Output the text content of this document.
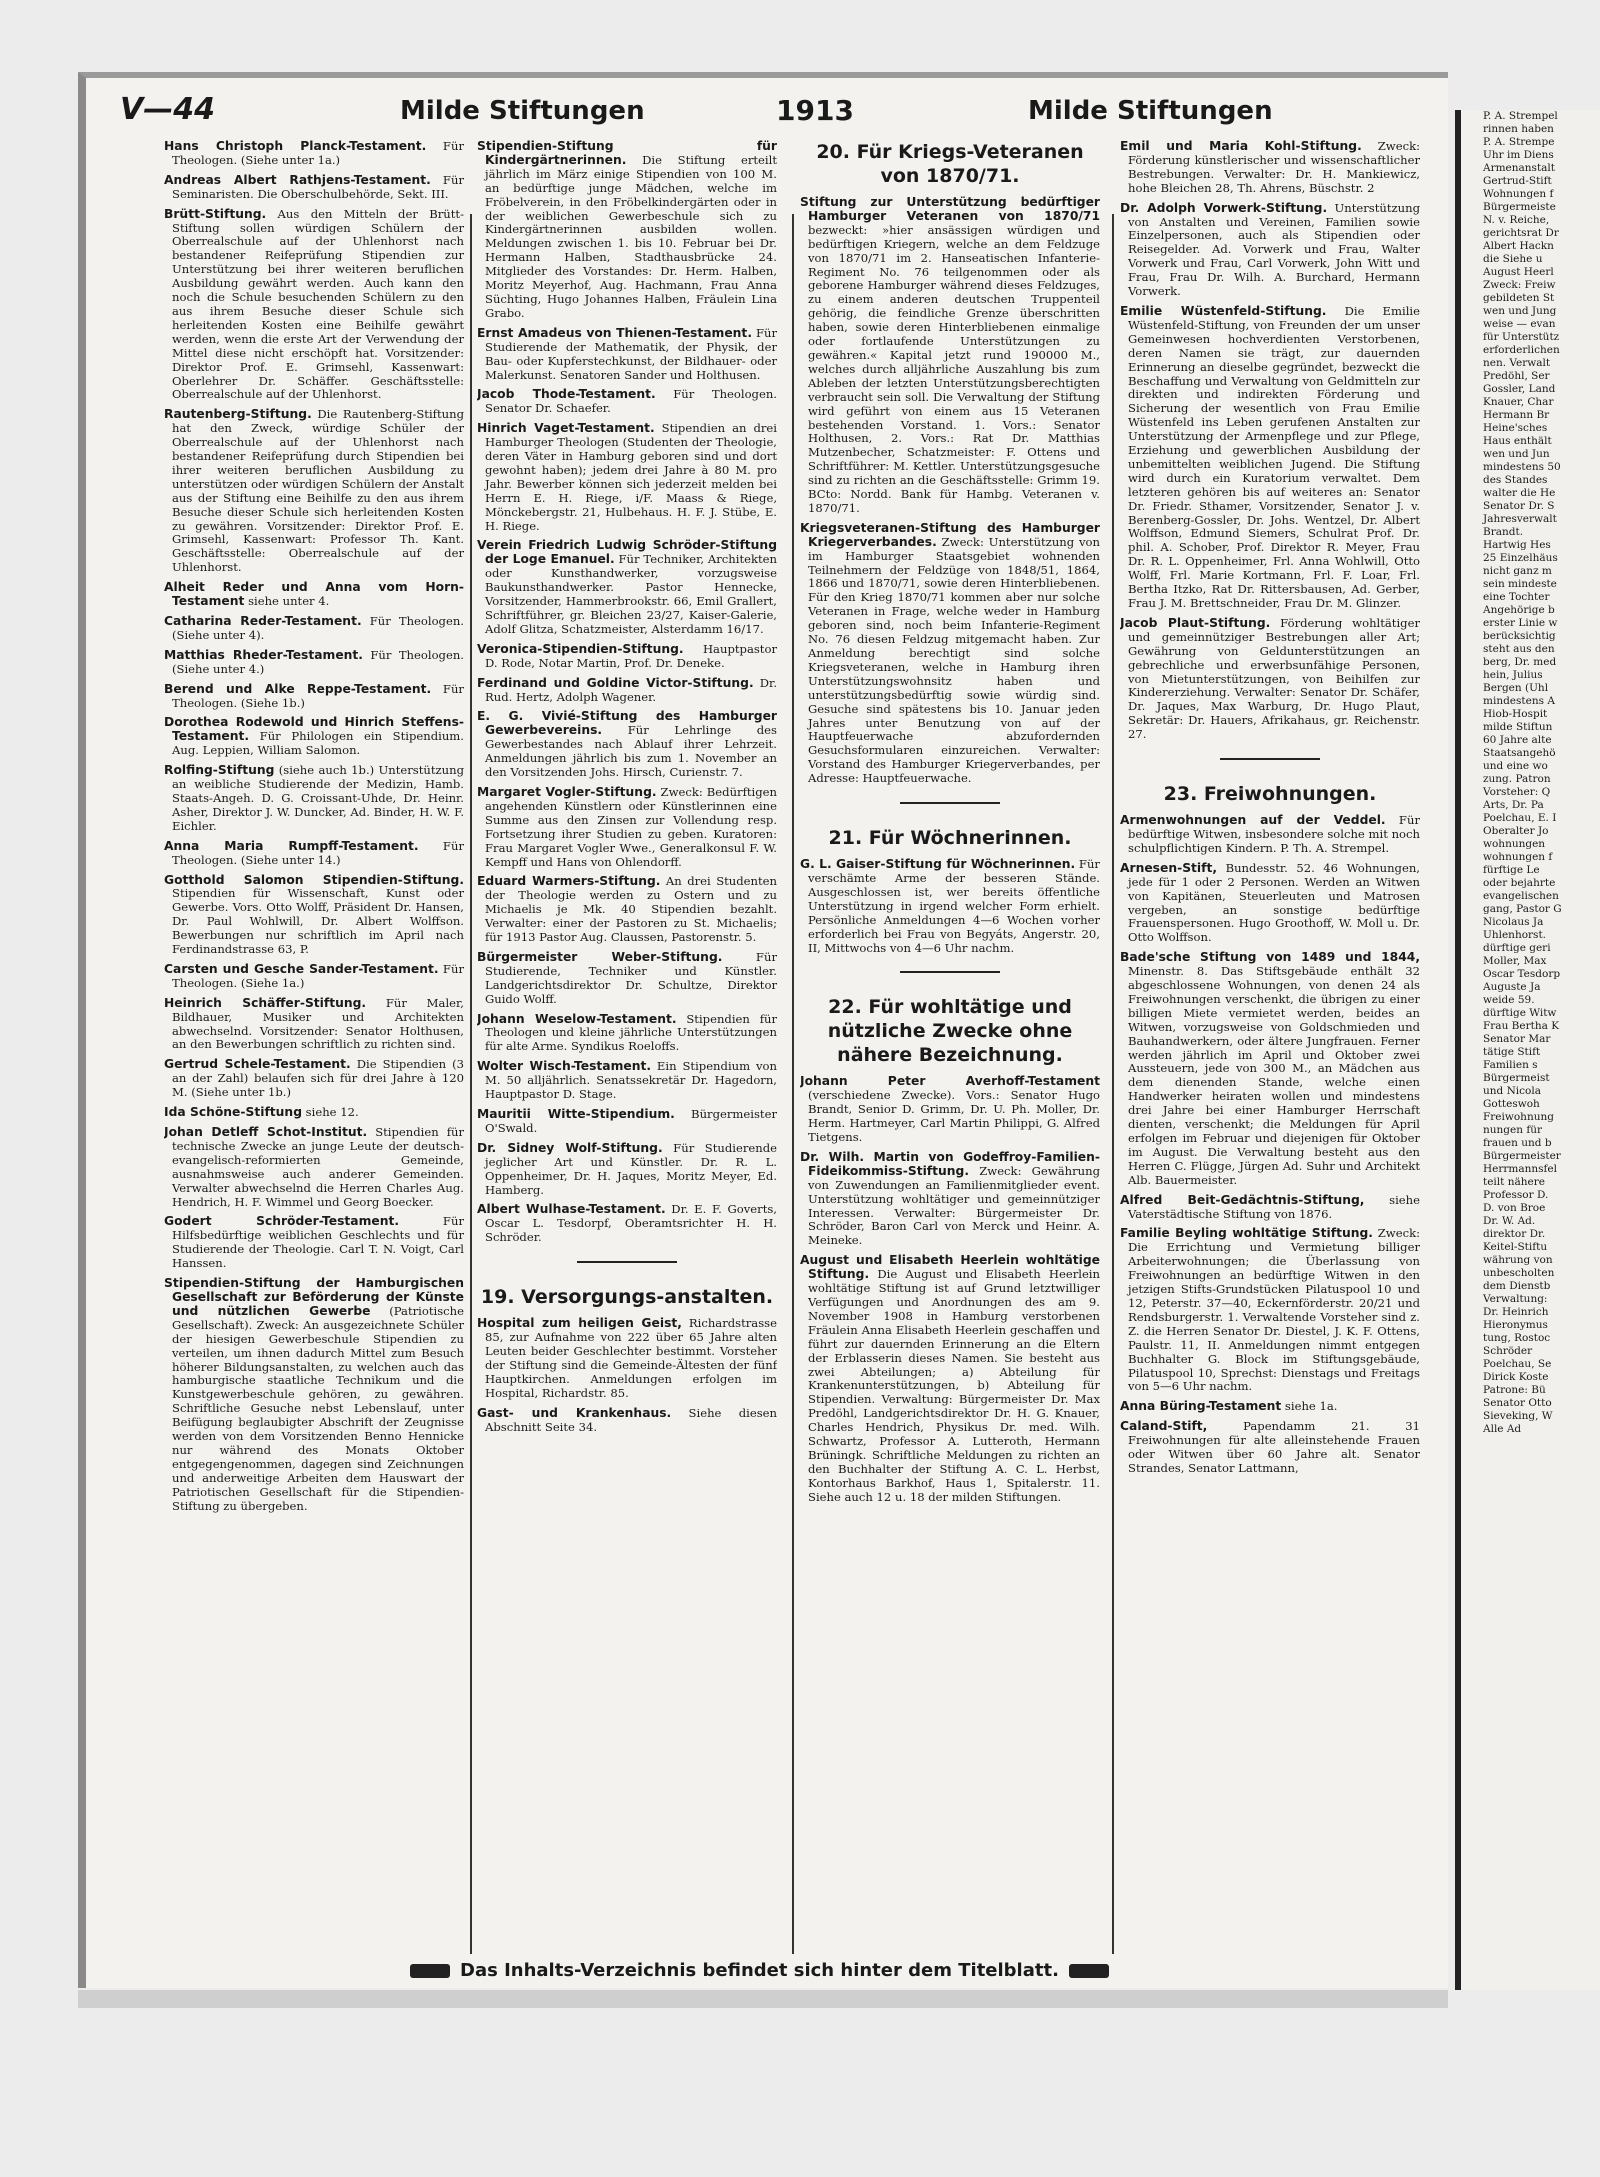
P. A. Strempel
rinnen haben
P. A. Strempe
Uhr im Diens
Armenanstalt
Gertrud-Stift
Wohnungen f
Bürgermeiste
N. v. Reiche,
gerichtsrat Dr
Albert Hackn
die Siehe u
August Heerl
Zweck: Freiw
gebildeten St
wen und Jung
weise — evan
für Unterstütz
erforderlichen
nen. Verwalt
Predöhl, Ser
Gossler, Land
Knauer, Char
Hermann Br
Heine'sches
Haus enthält
wen und Jun
mindestens 50
des Standes
walter die He
Senator Dr. S
Jahresverwalt
Brandt.
Hartwig Hes
25 Einzelhäus
nicht ganz m
sein mindeste
eine Tochter
Angehörige b
erster Linie w
berücksichtig
steht aus den
berg, Dr. med
hein, Julius
Bergen (Uhl
mindestens A
Hiob-Hospit
milde Stiftun
60 Jahre alte
Staatsangehö
und eine wo
zung. Patron
Vorsteher: Q
Arts, Dr. Pa
Poelchau, E. I
Oberalter Jo
wohnungen
wohnungen f
fürftige Le
oder bejahrte
evangelischen
gang, Pastor G
Nicolaus Ja
Uhlenhorst.
dürftige geri
Moller, Max
Oscar Tesdorp
Auguste Ja
weide 59.
dürftige Witw
Frau Bertha K
Senator Mar
tätige Stift
Familien s
Bürgermeist
und Nicola
Gotteswoh
Freiwohnung
nungen für
frauen und b
Bürgermeister
Herrmannsfel
teilt nähere
Professor D.
D. von Broe
Dr. W. Ad.
direktor Dr.
Keitel-Stiftu
währung von
unbescholten
dem Dienstb
Verwaltung:
Dr. Heinrich
Hieronymus
tung, Rostoc
Schröder
Poelchau, Se
Dirick Koste
Patrone: Bü
Senator Otto
Sieveking, W
Alle Ad
V—44	Milde Stiftungen	1913	Milde Stiftungen
Hans Christoph Planck-Testament. Für Theologen. (Siehe unter 1a.)
Andreas Albert Rathjens-Testament. Für Seminaristen. Die Oberschulbehörde, Sekt. III.
Brütt-Stiftung. Aus den Mitteln der Brütt-Stiftung sollen würdigen Schülern der Oberrealschule auf der Uhlenhorst nach bestandener Reifeprüfung Stipendien zur Unterstützung bei ihrer weiteren beruflichen Ausbildung gewährt werden. Auch kann den noch die Schule besuchenden Schülern zu den aus ihrem Besuche dieser Schule sich herleitenden Kosten eine Beihilfe gewährt werden, wenn die erste Art der Verwendung der Mittel diese nicht erschöpft hat. Vorsitzender: Direktor Prof. E. Grimsehl, Kassenwart: Oberlehrer Dr. Schäffer. Geschäftsstelle: Oberrealschule auf der Uhlenhorst.
Rautenberg-Stiftung. Die Rautenberg-Stiftung hat den Zweck, würdige Schüler der Oberrealschule auf der Uhlenhorst nach bestandener Reifeprüfung durch Stipendien bei ihrer weiteren beruflichen Ausbildung zu unterstützen oder würdigen Schülern der Anstalt aus der Stiftung eine Beihilfe zu den aus ihrem Besuche dieser Schule sich herleitenden Kosten zu gewähren. Vorsitzender: Direktor Prof. E. Grimsehl, Kassenwart: Professor Th. Kant. Geschäftsstelle: Oberrealschule auf der Uhlenhorst.
Alheit Reder und Anna vom Horn-Testament siehe unter 4.
Catharina Reder-Testament. Für Theologen. (Siehe unter 4).
Matthias Rheder-Testament. Für Theologen. (Siehe unter 4.)
Berend und Alke Reppe-Testament. Für Theologen. (Siehe 1b.)
Dorothea Rodewold und Hinrich Steffens-Testament. Für Philologen ein Stipendium. Aug. Leppien, William Salomon.
Rolfing-Stiftung (siehe auch 1b.) Unterstützung an weibliche Studierende der Medizin, Hamb. Staats-Angeh. D. G. Croissant-Uhde, Dr. Heinr. Asher, Direktor J. W. Duncker, Ad. Binder, H. W. F. Eichler.
Anna Maria Rumpff-Testament. Für Theologen. (Siehe unter 14.)
Gotthold Salomon Stipendien-Stiftung. Stipendien für Wissenschaft, Kunst oder Gewerbe. Vors. Otto Wolff, Präsident Dr. Hansen, Dr. Paul Wohlwill, Dr. Albert Wolffson. Bewerbungen nur schriftlich im April nach Ferdinandstrasse 63, P.
Carsten und Gesche Sander-Testament. Für Theologen. (Siehe 1a.)
Heinrich Schäffer-Stiftung. Für Maler, Bildhauer, Musiker und Architekten abwechselnd. Vorsitzender: Senator Holthusen, an den Bewerbungen schriftlich zu richten sind.
Gertrud Schele-Testament. Die Stipendien (3 an der Zahl) belaufen sich für drei Jahre à 120 M. (Siehe unter 1b.)
Ida Schöne-Stiftung siehe 12.
Johan Detleff Schot-Institut. Stipendien für technische Zwecke an junge Leute der deutsch-evangelisch-reformierten Gemeinde, ausnahmsweise auch anderer Gemeinden. Verwalter abwechselnd die Herren Charles Aug. Hendrich, H. F. Wimmel und Georg Boecker.
Godert Schröder-Testament. Für Hilfsbedürftige weiblichen Geschlechts und für Studierende der Theologie. Carl T. N. Voigt, Carl Hanssen.
Stipendien-Stiftung der Hamburgischen Gesellschaft zur Beförderung der Künste und nützlichen Gewerbe (Patriotische Gesellschaft). Zweck: An ausgezeichnete Schüler der hiesigen Gewerbeschule Stipendien zu verteilen, um ihnen dadurch Mittel zum Besuch höherer Bildungsanstalten, zu welchen auch das hamburgische staatliche Technikum und die Kunstgewerbeschule gehören, zu gewähren. Schriftliche Gesuche nebst Lebenslauf, unter Beifügung beglaubigter Abschrift der Zeugnisse werden von dem Vorsitzenden Benno Hennicke nur während des Monats Oktober entgegengenommen, dagegen sind Zeichnungen und anderweitige Arbeiten dem Hauswart der Patriotischen Gesellschaft für die Stipendien-Stiftung zu übergeben.
Stipendien-Stiftung für Kindergärtnerinnen. Die Stiftung erteilt jährlich im März einige Stipendien von 100 M. an bedürftige junge Mädchen, welche im Fröbelverein, in den Fröbelkindergärten oder in der weiblichen Gewerbeschule sich zu Kindergärtnerinnen ausbilden wollen. Meldungen zwischen 1. bis 10. Februar bei Dr. Hermann Halben, Stadthausbrücke 24. Mitglieder des Vorstandes: Dr. Herm. Halben, Moritz Meyerhof, Aug. Hachmann, Frau Anna Süchting, Hugo Johannes Halben, Fräulein Lina Grabo.
Ernst Amadeus von Thienen-Testament. Für Studierende der Mathematik, der Physik, der Bau- oder Kupferstechkunst, der Bildhauer- oder Malerkunst. Senatoren Sander und Holthusen.
Jacob Thode-Testament. Für Theologen. Senator Dr. Schaefer.
Hinrich Vaget-Testament. Stipendien an drei Hamburger Theologen (Studenten der Theologie, deren Väter in Hamburg geboren sind und dort gewohnt haben); jedem drei Jahre à 80 M. pro Jahr. Bewerber können sich jederzeit melden bei Herrn E. H. Riege, i/F. Maass & Riege, Mönckebergstr. 21, Hulbehaus. H. F. J. Stübe, E. H. Riege.
Verein Friedrich Ludwig Schröder-Stiftung der Loge Emanuel. Für Techniker, Architekten oder Kunsthandwerker, vorzugsweise Baukunsthandwerker. Pastor Hennecke, Vorsitzender, Hammerbrookstr. 66, Emil Grallert, Schriftführer, gr. Bleichen 23/27, Kaiser-Galerie, Adolf Glitza, Schatzmeister, Alsterdamm 16/17.
Veronica-Stipendien-Stiftung. Hauptpastor D. Rode, Notar Martin, Prof. Dr. Deneke.
Ferdinand und Goldine Victor-Stiftung. Dr. Rud. Hertz, Adolph Wagener.
E. G. Vivié-Stiftung des Hamburger Gewerbevereins. Für Lehrlinge des Gewerbestandes nach Ablauf ihrer Lehrzeit. Anmeldungen jährlich bis zum 1. November an den Vorsitzenden Johs. Hirsch, Curienstr. 7.
Margaret Vogler-Stiftung. Zweck: Bedürftigen angehenden Künstlern oder Künstlerinnen eine Summe aus den Zinsen zur Vollendung resp. Fortsetzung ihrer Studien zu geben. Kuratoren: Frau Margaret Vogler Wwe., Generalkonsul F. W. Kempff und Hans von Ohlendorff.
Eduard Warmers-Stiftung. An drei Studenten der Theologie werden zu Ostern und zu Michaelis je Mk. 40 Stipendien bezahlt. Verwalter: einer der Pastoren zu St. Michaelis; für 1913 Pastor Aug. Claussen, Pastorenstr. 5.
Bürgermeister Weber-Stiftung. Für Studierende, Techniker und Künstler. Landgerichtsdirektor Dr. Schultze, Direktor Guido Wolff.
Johann Weselow-Testament. Stipendien für Theologen und kleine jährliche Unterstützungen für alte Arme. Syndikus Roeloffs.
Wolter Wisch-Testament. Ein Stipendium von M. 50 alljährlich. Senatssekretär Dr. Hagedorn, Hauptpastor D. Stage.
Mauritii Witte-Stipendium. Bürgermeister O'Swald.
Dr. Sidney Wolf-Stiftung. Für Studierende jeglicher Art und Künstler. Dr. R. L. Oppenheimer, Dr. H. Jaques, Moritz Meyer, Ed. Hamberg.
Albert Wulhase-Testament. Dr. E. F. Goverts, Oscar L. Tesdorpf, Oberamtsrichter H. H. Schröder.
19. Versorgungs-anstalten.
Hospital zum heiligen Geist, Richardstrasse 85, zur Aufnahme von 222 über 65 Jahre alten Leuten beider Geschlechter bestimmt. Vorsteher der Stiftung sind die Gemeinde-Ältesten der fünf Hauptkirchen. Anmeldungen erfolgen im Hospital, Richardstr. 85.
Gast- und Krankenhaus. Siehe diesen Abschnitt Seite 34.
20. Für Kriegs-Veteranen von 1870/71.
Stiftung zur Unterstützung bedürftiger Hamburger Veteranen von 1870/71 bezweckt: »hier ansässigen würdigen und bedürftigen Kriegern, welche an dem Feldzuge von 1870/71 im 2. Hanseatischen Infanterie-Regiment No. 76 teilgenommen oder als geborene Hamburger während dieses Feldzuges, zu einem anderen deutschen Truppenteil gehörig, die feindliche Grenze überschritten haben, sowie deren Hinterbliebenen einmalige oder fortlaufende Unterstützungen zu gewähren.« Kapital jetzt rund 190000 M., welches durch alljährliche Auszahlung bis zum Ableben der letzten Unterstützungsberechtigten verbraucht sein soll. Die Verwaltung der Stiftung wird geführt von einem aus 15 Veteranen bestehenden Vorstand. 1. Vors.: Senator Holthusen, 2. Vors.: Rat Dr. Matthias Mutzenbecher, Schatzmeister: F. Ottens und Schriftführer: M. Kettler. Unterstützungsgesuche sind zu richten an die Geschäftsstelle: Grimm 19. BCto: Nordd. Bank für Hambg. Veteranen v. 1870/71.
Kriegsveteranen-Stiftung des Hamburger Kriegerverbandes. Zweck: Unterstützung von im Hamburger Staatsgebiet wohnenden Teilnehmern der Feldzüge von 1848/51, 1864, 1866 und 1870/71, sowie deren Hinterbliebenen. Für den Krieg 1870/71 kommen aber nur solche Veteranen in Frage, welche weder in Hamburg geboren sind, noch beim Infanterie-Regiment No. 76 diesen Feldzug mitgemacht haben. Zur Anmeldung berechtigt sind solche Kriegsveteranen, welche in Hamburg ihren Unterstützungswohnsitz haben und unterstützungsbedürftig sowie würdig sind. Gesuche sind spätestens bis 10. Januar jeden Jahres unter Benutzung von auf der Hauptfeuerwache abzufordernden Gesuchsformularen einzureichen. Verwalter: Vorstand des Hamburger Kriegerverbandes, per Adresse: Hauptfeuerwache.
21. Für Wöchnerinnen.
G. L. Gaiser-Stiftung für Wöchnerinnen. Für verschämte Arme der besseren Stände. Ausgeschlossen ist, wer bereits öffentliche Unterstützung in irgend welcher Form erhielt. Persönliche Anmeldungen 4—6 Wochen vorher erforderlich bei Frau von Begyáts, Angerstr. 20, II, Mittwochs von 4—6 Uhr nachm.
22. Für wohltätige und nützliche Zwecke ohne nähere Bezeichnung.
Johann Peter Averhoff-Testament (verschiedene Zwecke). Vors.: Senator Hugo Brandt, Senior D. Grimm, Dr. U. Ph. Moller, Dr. Herm. Hartmeyer, Carl Martin Philippi, G. Alfred Tietgens.
Dr. Wilh. Martin von Godeffroy-Familien-Fideikommiss-Stiftung. Zweck: Gewährung von Zuwendungen an Familienmitglieder event. Unterstützung wohltätiger und gemeinnütziger Interessen. Verwalter: Bürgermeister Dr. Schröder, Baron Carl von Merck und Heinr. A. Meineke.
August und Elisabeth Heerlein wohltätige Stiftung. Die August und Elisabeth Heerlein wohltätige Stiftung ist auf Grund letztwilliger Verfügungen und Anordnungen des am 9. November 1908 in Hamburg verstorbenen Fräulein Anna Elisabeth Heerlein geschaffen und führt zur dauernden Erinnerung an die Eltern der Erblasserin dieses Namen. Sie besteht aus zwei Abteilungen; a) Abteilung für Krankenunterstützungen, b) Abteilung für Stipendien. Verwaltung: Bürgermeister Dr. Max Predöhl, Landgerichtsdirektor Dr. H. G. Knauer, Charles Hendrich, Physikus Dr. med. Wilh. Schwartz, Professor A. Lutteroth, Hermann Brüningk. Schriftliche Meldungen zu richten an den Buchhalter der Stiftung A. C. L. Herbst, Kontorhaus Barkhof, Haus 1, Spitalerstr. 11. Siehe auch 12 u. 18 der milden Stiftungen.
Emil und Maria Kohl-Stiftung. Zweck: Förderung künstlerischer und wissenschaftlicher Bestrebungen. Verwalter: Dr. H. Mankiewicz, hohe Bleichen 28, Th. Ahrens, Büschstr. 2
Dr. Adolph Vorwerk-Stiftung. Unterstützung von Anstalten und Vereinen, Familien sowie Einzelpersonen, auch als Stipendien oder Reisegelder. Ad. Vorwerk und Frau, Walter Vorwerk und Frau, Carl Vorwerk, John Witt und Frau, Frau Dr. Wilh. A. Burchard, Hermann Vorwerk.
Emilie Wüstenfeld-Stiftung. Die Emilie Wüstenfeld-Stiftung, von Freunden der um unser Gemeinwesen hochverdienten Verstorbenen, deren Namen sie trägt, zur dauernden Erinnerung an dieselbe gegründet, bezweckt die Beschaffung und Verwaltung von Geldmitteln zur direkten und indirekten Förderung und Sicherung der wesentlich von Frau Emilie Wüstenfeld ins Leben gerufenen Anstalten zur Unterstützung der Armenpflege und zur Pflege, Erziehung und gewerblichen Ausbildung der unbemittelten weiblichen Jugend. Die Stiftung wird durch ein Kuratorium verwaltet. Dem letzteren gehören bis auf weiteres an: Senator Dr. Friedr. Sthamer, Vorsitzender, Senator J. v. Berenberg-Gossler, Dr. Johs. Wentzel, Dr. Albert Wolffson, Edmund Siemers, Schulrat Prof. Dr. phil. A. Schober, Prof. Direktor R. Meyer, Frau Dr. R. L. Oppenheimer, Frl. Anna Wohlwill, Otto Wolff, Frl. Marie Kortmann, Frl. F. Loar, Frl. Bertha Itzko, Rat Dr. Rittersbausen, Ad. Gerber, Frau J. M. Brettschneider, Frau Dr. M. Glinzer.
Jacob Plaut-Stiftung. Förderung wohltätiger und gemeinnütziger Bestrebungen aller Art; Gewährung von Geldunterstützungen an gebrechliche und erwerbsunfähige Personen, von Mietunterstützungen, von Beihilfen zur Kindererziehung. Verwalter: Senator Dr. Schäfer, Dr. Jaques, Max Warburg, Dr. Hugo Plaut, Sekretär: Dr. Hauers, Afrikahaus, gr. Reichenstr. 27.
23. Freiwohnungen.
Armenwohnungen auf der Veddel. Für bedürftige Witwen, insbesondere solche mit noch schulpflichtigen Kindern. P. Th. A. Strempel.
Arnesen-Stift, Bundesstr. 52. 46 Wohnungen, jede für 1 oder 2 Personen. Werden an Witwen von Kapitänen, Steuerleuten und Matrosen vergeben, an sonstige bedürftige Frauenspersonen. Hugo Groothoff, W. Moll u. Dr. Otto Wolffson.
Bade'sche Stiftung von 1489 und 1844, Minenstr. 8. Das Stiftsgebäude enthält 32 abgeschlossene Wohnungen, von denen 24 als Freiwohnungen verschenkt, die übrigen zu einer billigen Miete vermietet werden, beides an Witwen, vorzugsweise von Goldschmieden und Bauhandwerkern, oder ältere Jungfrauen. Ferner werden jährlich im April und Oktober zwei Aussteuern, jede von 300 M., an Mädchen aus dem dienenden Stande, welche einen Handwerker heiraten wollen und mindestens drei Jahre bei einer Hamburger Herrschaft dienten, verschenkt; die Meldungen für April erfolgen im Februar und diejenigen für Oktober im August. Die Verwaltung besteht aus den Herren C. Flügge, Jürgen Ad. Suhr und Architekt Alb. Bauermeister.
Alfred Beit-Gedächtnis-Stiftung, siehe Vaterstädtische Stiftung von 1876.
Familie Beyling wohltätige Stiftung. Zweck: Die Errichtung und Vermietung billiger Arbeiterwohnungen; die Überlassung von Freiwohnungen an bedürftige Witwen in den jetzigen Stifts-Grundstücken Pilatuspool 10 und 12, Peterstr. 37—40, Eckernförderstr. 20/21 und Rendsburgerstr. 1. Verwaltende Vorsteher sind z. Z. die Herren Senator Dr. Diestel, J. K. F. Ottens, Paulstr. 11, II. Anmeldungen nimmt entgegen Buchhalter G. Block im Stiftungsgebäude, Pilatuspool 10, Sprechst: Dienstags und Freitags von 5—6 Uhr nachm.
Anna Büring-Testament siehe 1a.
Caland-Stift, Papendamm 21. 31 Freiwohnungen für alte alleinstehende Frauen oder Witwen über 60 Jahre alt. Senator Strandes, Senator Lattmann,
Das Inhalts-Verzeichnis befindet sich hinter dem Titelblatt.
